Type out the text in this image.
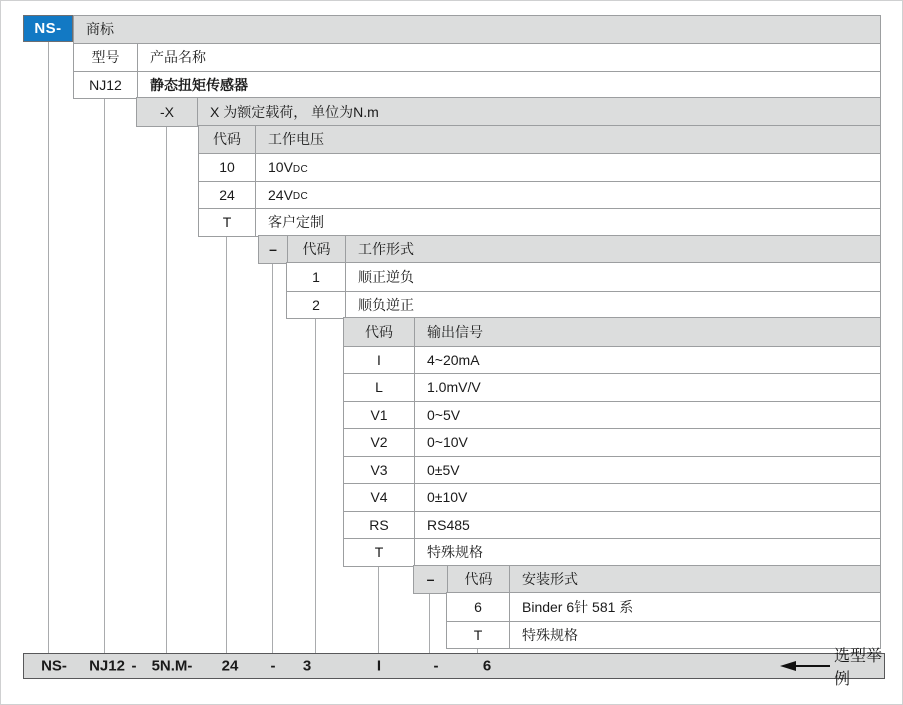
NS-	商标
型号	产品名称
NJ12	静态扭矩传感器
-X	X 为额定载荷， 单位为N.m
代码	工作电压
10	10V DC
24	24V DC
T	客户定制
–	代码	工作形式
1	顺正逆负
2	顺负逆正
代码	输出信号
I	4~20mA
L	1.0mV/V
V1	0~5V
V2	0~10V
V3	0±5V
V4	0±10V
RS	RS485
T	特殊规格
–	代码	安装形式
6	Binder 6针 581 系
T	特殊规格
NS- NJ12 - 5N.M- 24 - 3	I	-	6
选型举例
